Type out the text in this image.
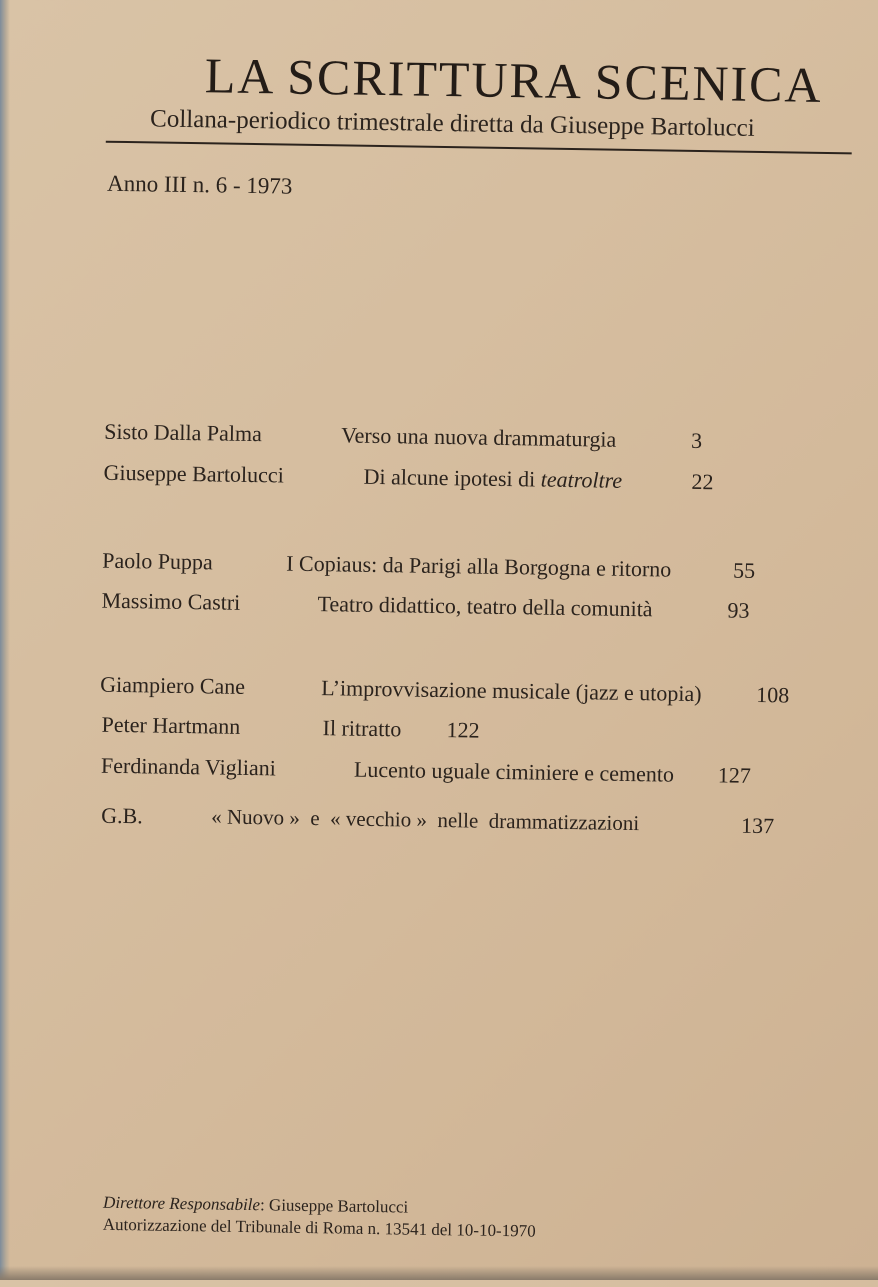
LA SCRITTURA SCENICA
Collana-periodico trimestrale diretta da Giuseppe Bartolucci
Anno III n. 6 - 1973
Sisto Dalla Palma	Verso una nuova drammaturgia	3
Giuseppe Bartolucci	Di alcune ipotesi di teatroltre	22
Paolo Puppa	I Copiaus: da Parigi alla Borgogna e ritorno	55
Massimo Castri	Teatro didattico, teatro della comunità	93
Giampiero Cane	L’improvvisazione musicale (jazz e utopia) 108
Peter Hartmann	Il ritratto 122
Ferdinanda Vigliani	Lucento uguale ciminiere e cemento 127
G.B.	« Nuovo »  e  « vecchio »  nelle  drammatizzazioni	137
Direttore Responsabile: Giuseppe Bartolucci
Autorizzazione del Tribunale di Roma n. 13541 del 10-10-1970
